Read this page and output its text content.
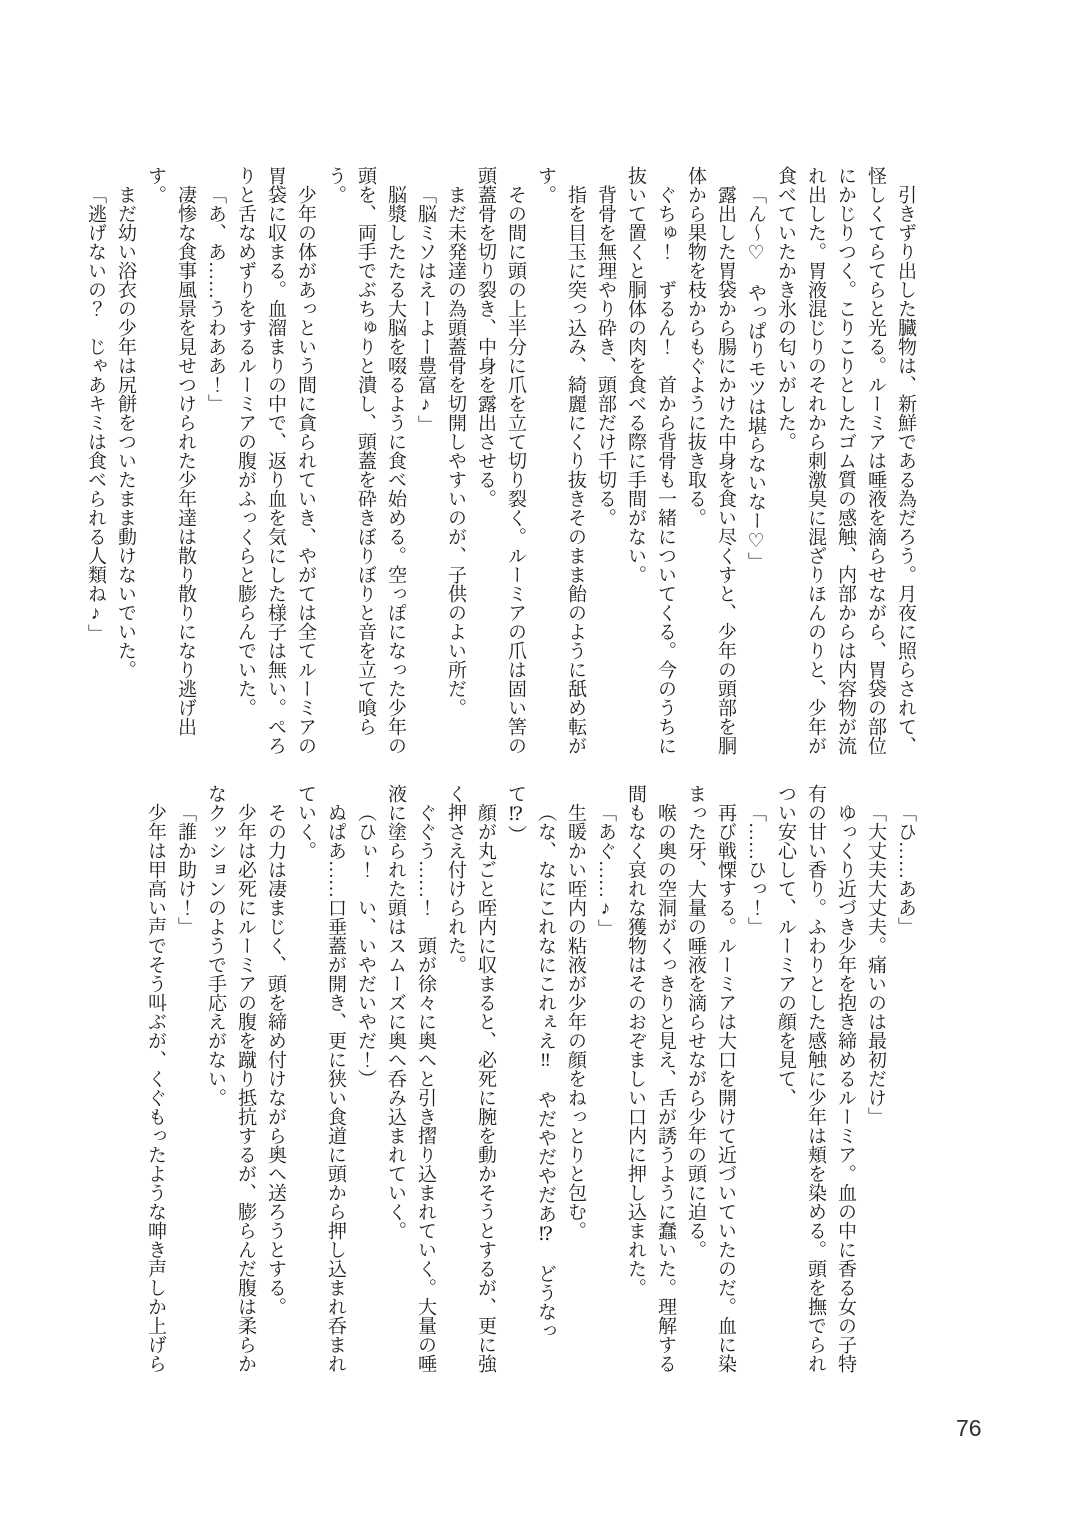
引きずり出した臓物は、新鮮である為だろう。月夜に照らされて、怪しくてらてらと光る。ルーミアは唾液を滴らせながら、胃袋の部位にかじりつく。こりこりとしたゴム質の感触、内部からは内容物が流れ出した。胃液混じりのそれから刺激臭に混ざりほんのりと、少年が食べていたかき氷の匂いがした。

「ん〜♡　やっぱりモツは堪らないなー♡」

露出した胃袋から腸にかけた中身を食い尽くすと、少年の頭部を胴体から果物を枝からもぐように抜き取る。

ぐちゅ！　ずるん！　首から背骨も一緒についてくる。今のうちに抜いて置くと胴体の肉を食べる際に手間がない。

背骨を無理やり砕き、頭部だけ千切る。

指を目玉に突っ込み、綺麗にくり抜きそのまま飴のように舐め転がす。

その間に頭の上半分に爪を立て切り裂く。ルーミアの爪は固い筈の頭蓋骨を切り裂き、中身を露出させる。

まだ未発達の為頭蓋骨を切開しやすいのが、子供のよい所だ。

「脳ミソはえーよー豊富♪」

脳漿したたる大脳を啜るように食べ始める。空っぽになった少年の頭を、両手でぶちゅりと潰し、頭蓋を砕きぼりぼりと音を立て喰らう。

少年の体があっという間に貪られていき、やがては全てルーミアの胃袋に収まる。血溜まりの中で、返り血を気にした様子は無い。ぺろりと舌なめずりをするルーミアの腹がふっくらと膨らんでいた。

「あ、あ……うわああ！」

凄惨な食事風景を見せつけられた少年達は散り散りになり逃げ出す。

まだ幼い浴衣の少年は尻餅をついたまま動けないでいた。

「逃げないの？　じゃあキミは食べられる人類ね♪」

「ひ……ああ」

「大丈夫大丈夫。痛いのは最初だけ」

ゆっくり近づき少年を抱き締めるルーミア。血の中に香る女の子特有の甘い香り。ふわりとした感触に少年は頬を染める。頭を撫でられつい安心して、ルーミアの顔を見て、

「……ひっ！」

再び戦慄する。ルーミアは大口を開けて近づいていたのだ。血に染まった牙、大量の唾液を滴らせながら少年の頭に迫る。

喉の奥の空洞がくっきりと見え、舌が誘うように蠢いた。理解する間もなく哀れな獲物はそのおぞましい口内に押し込まれた。

「あぐ……♪」

生暖かい咥内の粘液が少年の顔をねっとりと包む。

（な、なにこれなにこれぇえ‼　やだやだやだあ⁉　どうなって⁉）

顔が丸ごと咥内に収まると、必死に腕を動かそうとするが、更に強く押さえ付けられた。

ぐぐう……！　頭が徐々に奥へと引き摺り込まれていく。大量の唾液に塗られた頭はスムーズに奥へ呑み込まれていく。

（ひぃ！　い、いやだいやだ！）

ぬぱあ……口垂蓋が開き、更に狭い食道に頭から押し込まれ呑まれていく。

その力は凄まじく、頭を締め付けながら奥へ送ろうとする。

少年は必死にルーミアの腹を蹴り抵抗するが、膨らんだ腹は柔らかなクッションのようで手応えがない。

「誰か助け！」

少年は甲高い声でそう叫ぶが、くぐもったような呻き声しか上げら

76
